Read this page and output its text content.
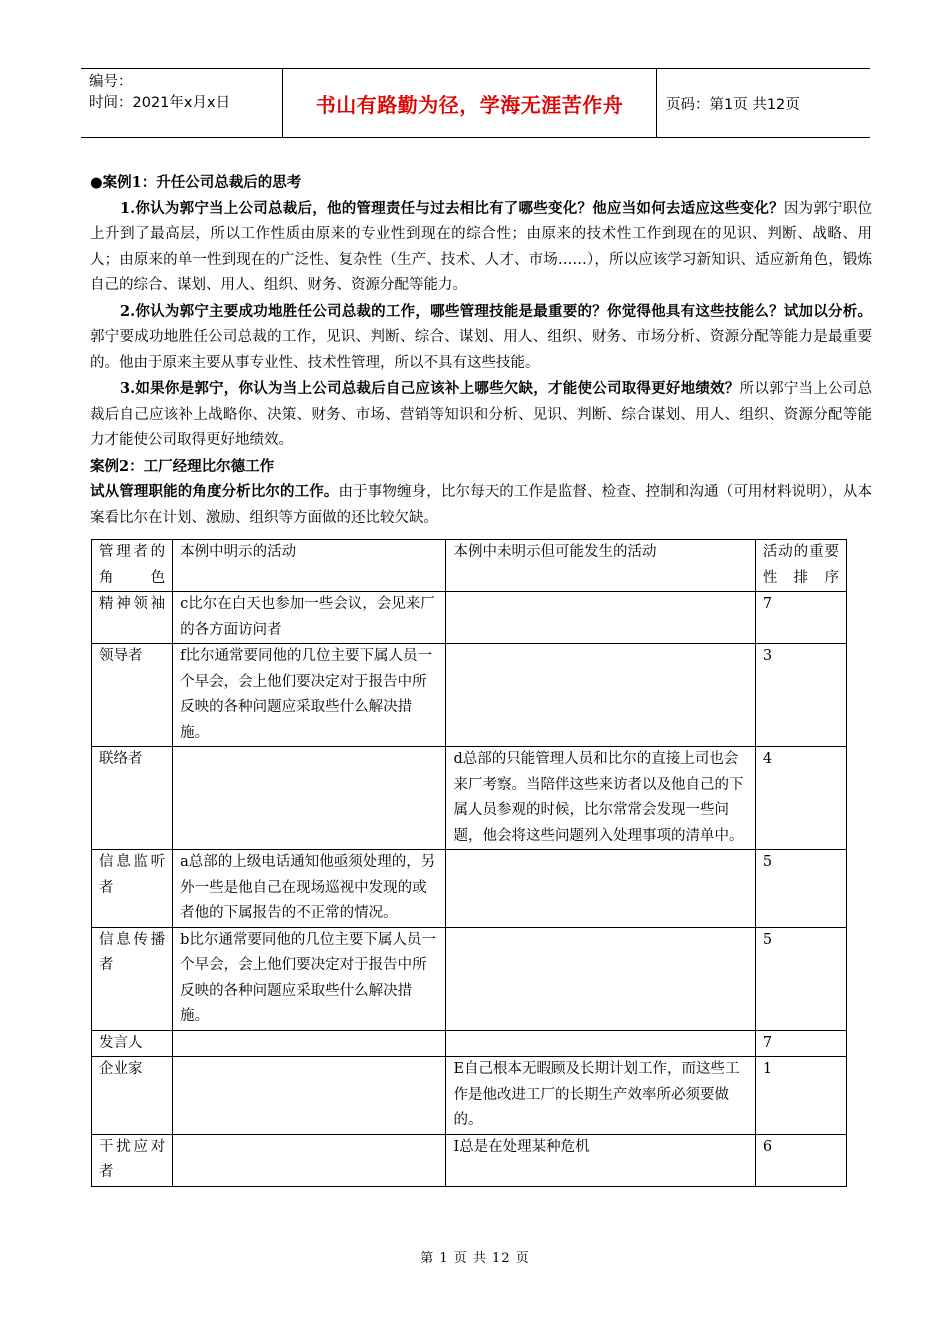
编号：
时间：2021年x月x日	书山有路勤为径，学海无涯苦作舟	页码：第1页 共12页

●案例1：升任公司总裁后的思考

1.你认为郭宁当上公司总裁后，他的管理责任与过去相比有了哪些变化？他应当如何去适应这些变化？因为郭宁职位上升到了最高层，所以工作性质由原来的专业性到现在的综合性；由原来的技术性工作到现在的见识、判断、战略、用人；由原来的单一性到现在的广泛性、复杂性（生产、技术、人才、市场……），所以应该学习新知识、适应新角色，锻炼自己的综合、谋划、用人、组织、财务、资源分配等能力。

2.你认为郭宁主要成功地胜任公司总裁的工作，哪些管理技能是最重要的？你觉得他具有这些技能么？试加以分析。郭宁要成功地胜任公司总裁的工作，见识、判断、综合、谋划、用人、组织、财务、市场分析、资源分配等能力是最重要的。他由于原来主要从事专业性、技术性管理，所以不具有这些技能。

3.如果你是郭宁，你认为当上公司总裁后自己应该补上哪些欠缺，才能使公司取得更好地绩效？所以郭宁当上公司总裁后自己应该补上战略你、决策、财务、市场、营销等知识和分析、见识、判断、综合谋划、用人、组织、资源分配等能力才能使公司取得更好地绩效。

案例2：工厂经理比尔德工作

试从管理职能的角度分析比尔的工作。由于事物缠身，比尔每天的工作是监督、检查、控制和沟通（可用材料说明），从本案看比尔在计划、激励、组织等方面做的还比较欠缺。

管理者的角色	本例中明示的活动	本例中未明示但可能发生的活动	活动的重要性排序
精神领袖	c比尔在白天也参加一些会议，会见来厂的各方面访问者		7
领导者	f比尔通常要同他的几位主要下属人员一个早会，会上他们要决定对于报告中所反映的各种问题应采取些什么解决措施。		3
联络者		d总部的只能管理人员和比尔的直接上司也会来厂考察。当陪伴这些来访者以及他自己的下属人员参观的时候，比尔常常会发现一些问题，他会将这些问题列入处理事项的清单中。	4
信息监听者	a总部的上级电话通知他亟须处理的，另外一些是他自己在现场巡视中发现的或者他的下属报告的不正常的情况。		5
信息传播者	b比尔通常要同他的几位主要下属人员一个早会，会上他们要决定对于报告中所反映的各种问题应采取些什么解决措施。		5
发言人			7
企业家		E自己根本无暇顾及长期计划工作，而这些工作是他改进工厂的长期生产效率所必须要做的。	1
干扰应对者		I总是在处理某种危机	6
第 1 页 共 12 页
